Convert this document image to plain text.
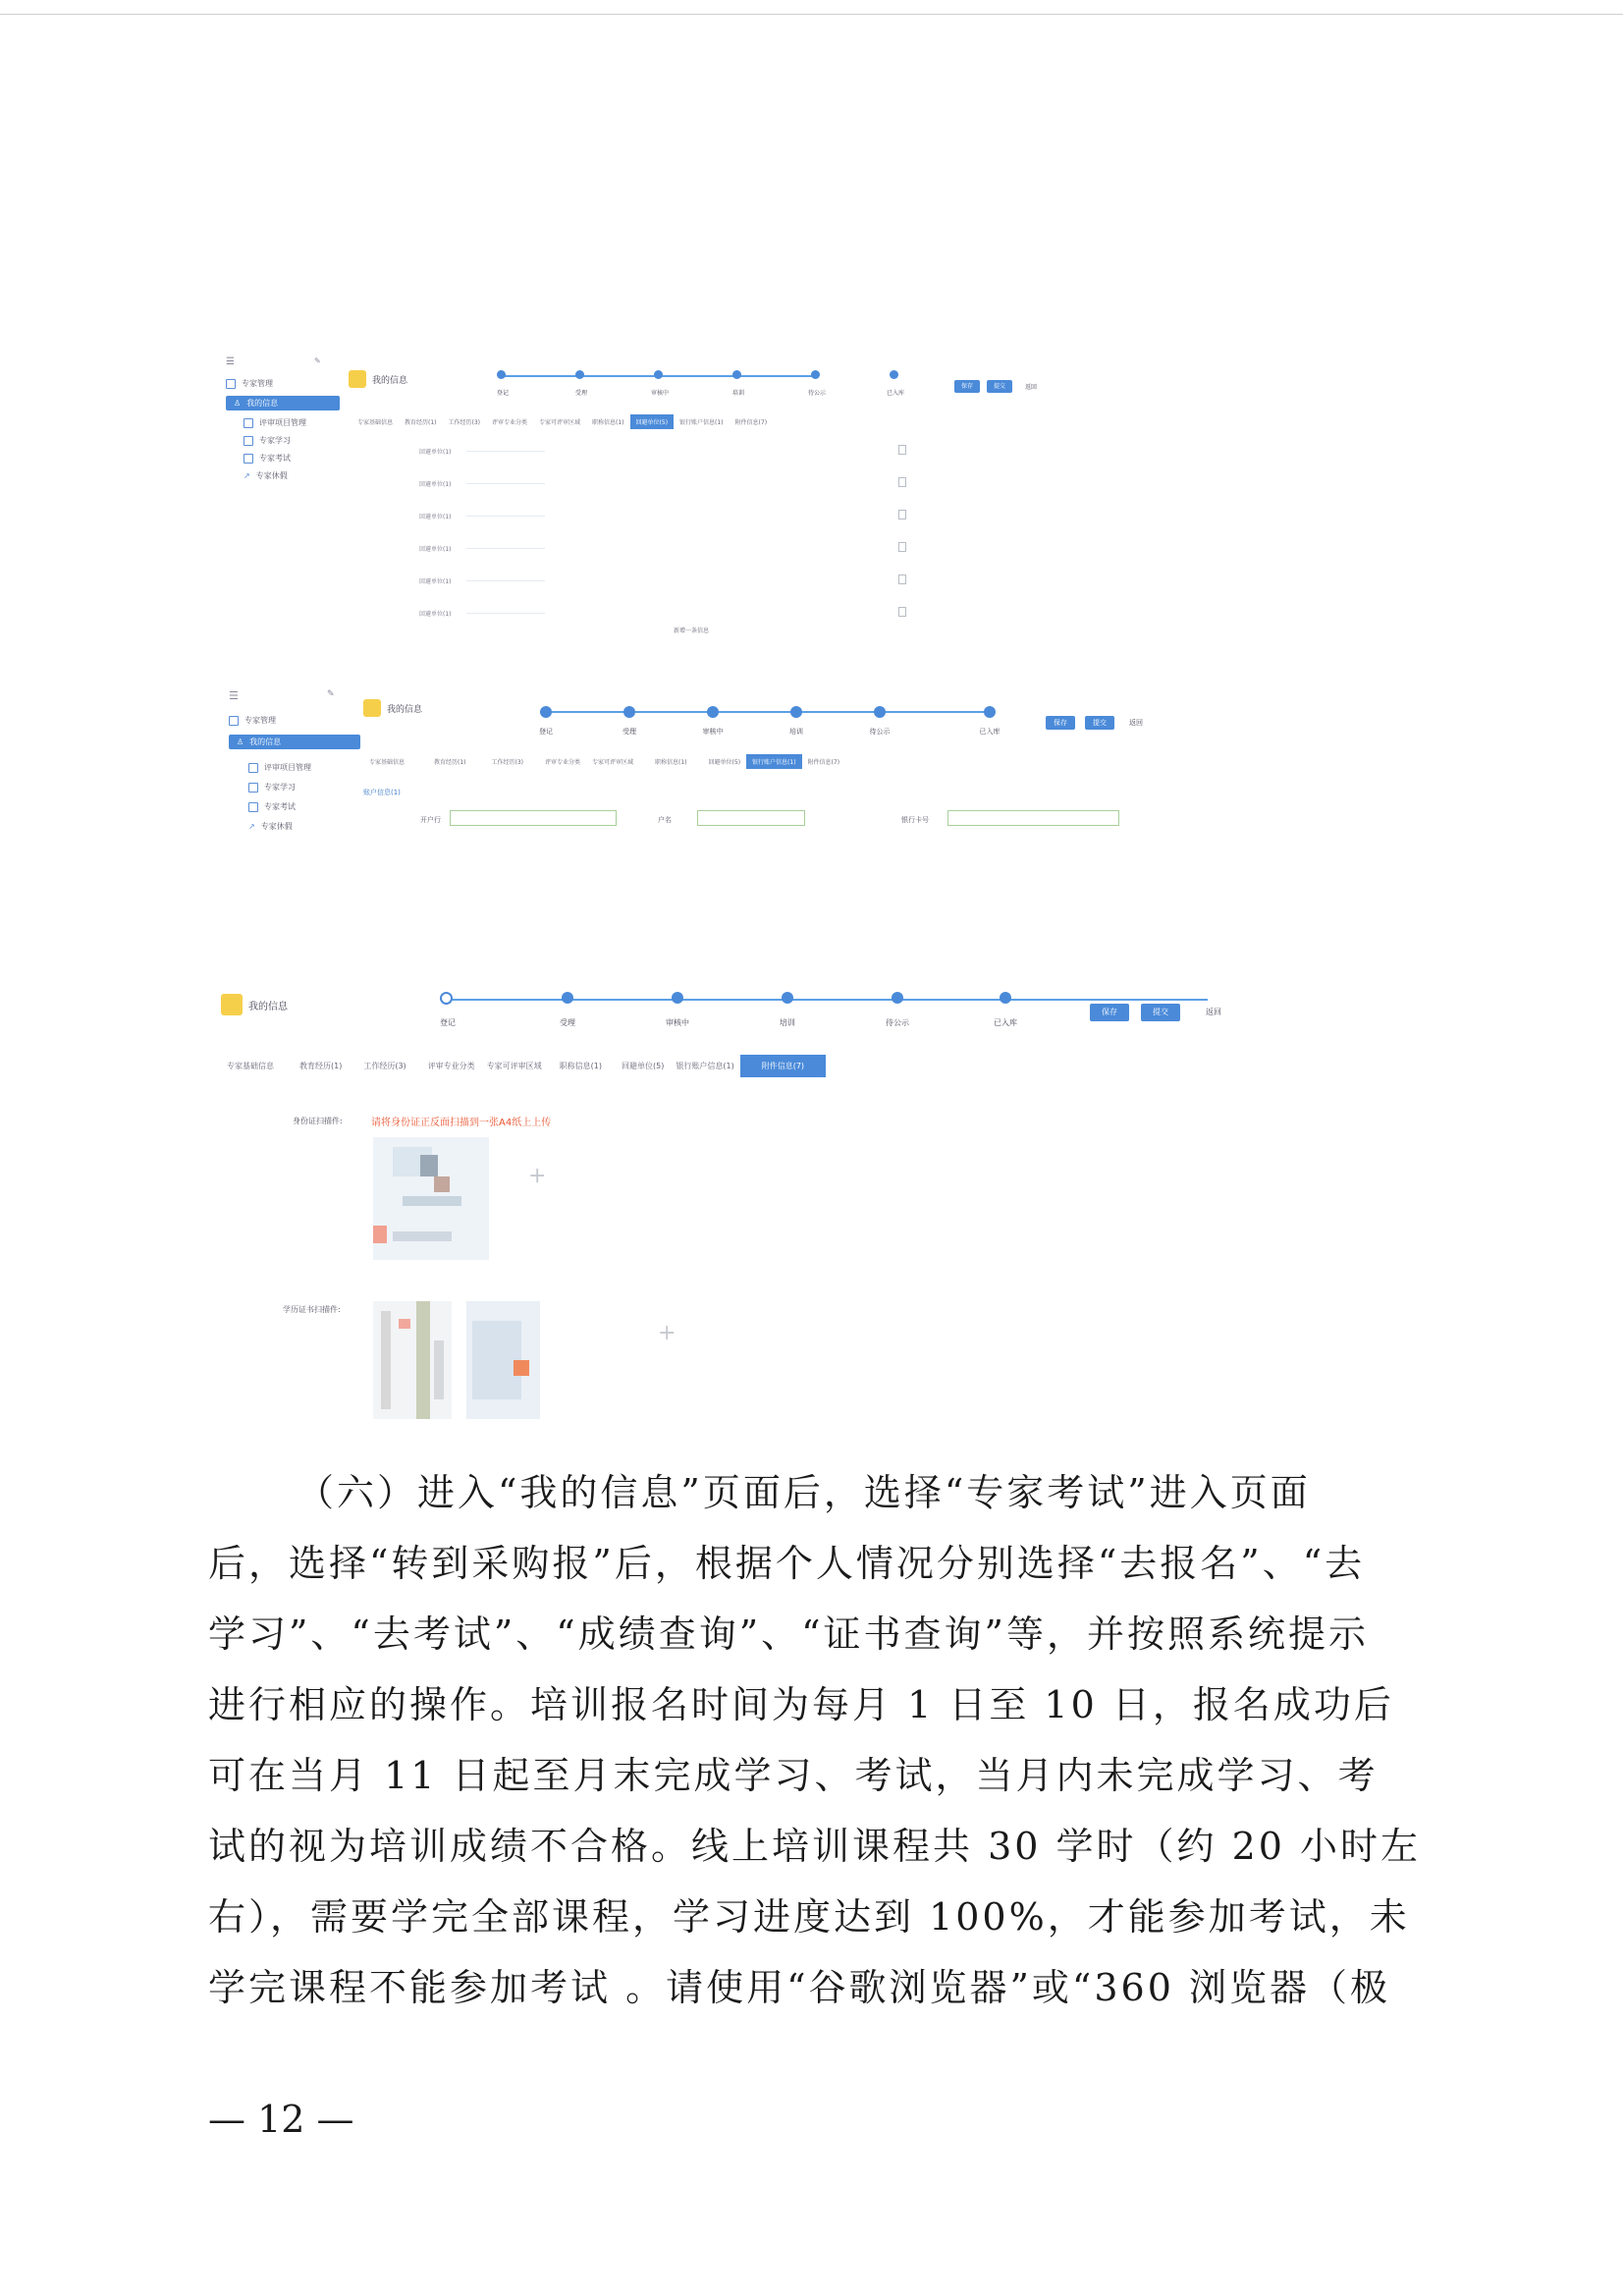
☰	✎
专家管理
♙ 我的信息
评审项目管理
专家学习
专家考试
↗ 专家休假
我的信息
登记	受理	审核中	培训	待公示	已入库
保存	提交	返回
专家基础信息	教育经历(1)	工作经历(3)	评审专业分类	专家可评审区域	职称信息(1)	回避单位(5)	银行账户信息(1)	附件信息(7)
回避单位(1)
回避单位(1)
回避单位(1)
回避单位(1)
回避单位(1)
回避单位(1)
新增一条信息
☰	✎
专家管理
♙ 我的信息
评审项目管理
专家学习
专家考试
↗ 专家休假
我的信息
登记	受理	审核中	培训	待公示	已入库
保存	提交	返回
专家基础信息	教育经历(1)	工作经历(3)	评审专业分类	专家可评审区域	职称信息(1)	回避单位(5)	银行账户信息(1)	附件信息(7)
账户信息(1)
开户行	户名	银行卡号
我的信息
登记	受理	审核中	培训	待公示	已入库
保存	提交	返回
专家基础信息	教育经历(1)	工作经历(3)	评审专业分类	专家可评审区域	职称信息(1)	回避单位(5)	银行账户信息(1)	附件信息(7)
身份证扫描件:	请将身份证正反面扫描到一张A4纸上上传
+
学历证书扫描件:
+

（六）进入“我的信息”页面后，选择“专家考试”进入页面

后，选择“转到采购报”后，根据个人情况分别选择“去报名”、“去

学习”、“去考试”、“成绩查询”、“证书查询”等，并按照系统提示

进行相应的操作。培训报名时间为每月 1 日至 10 日，报名成功后

可在当月 11 日起至月末完成学习、考试，当月内未完成学习、考

试的视为培训成绩不合格。线上培训课程共 30 学时（约 20 小时左

右），需要学完全部课程，学习进度达到 100%，才能参加考试，未

学完课程不能参加考试 。请使用“谷歌浏览器”或“360 浏览器（极

— 12 —
